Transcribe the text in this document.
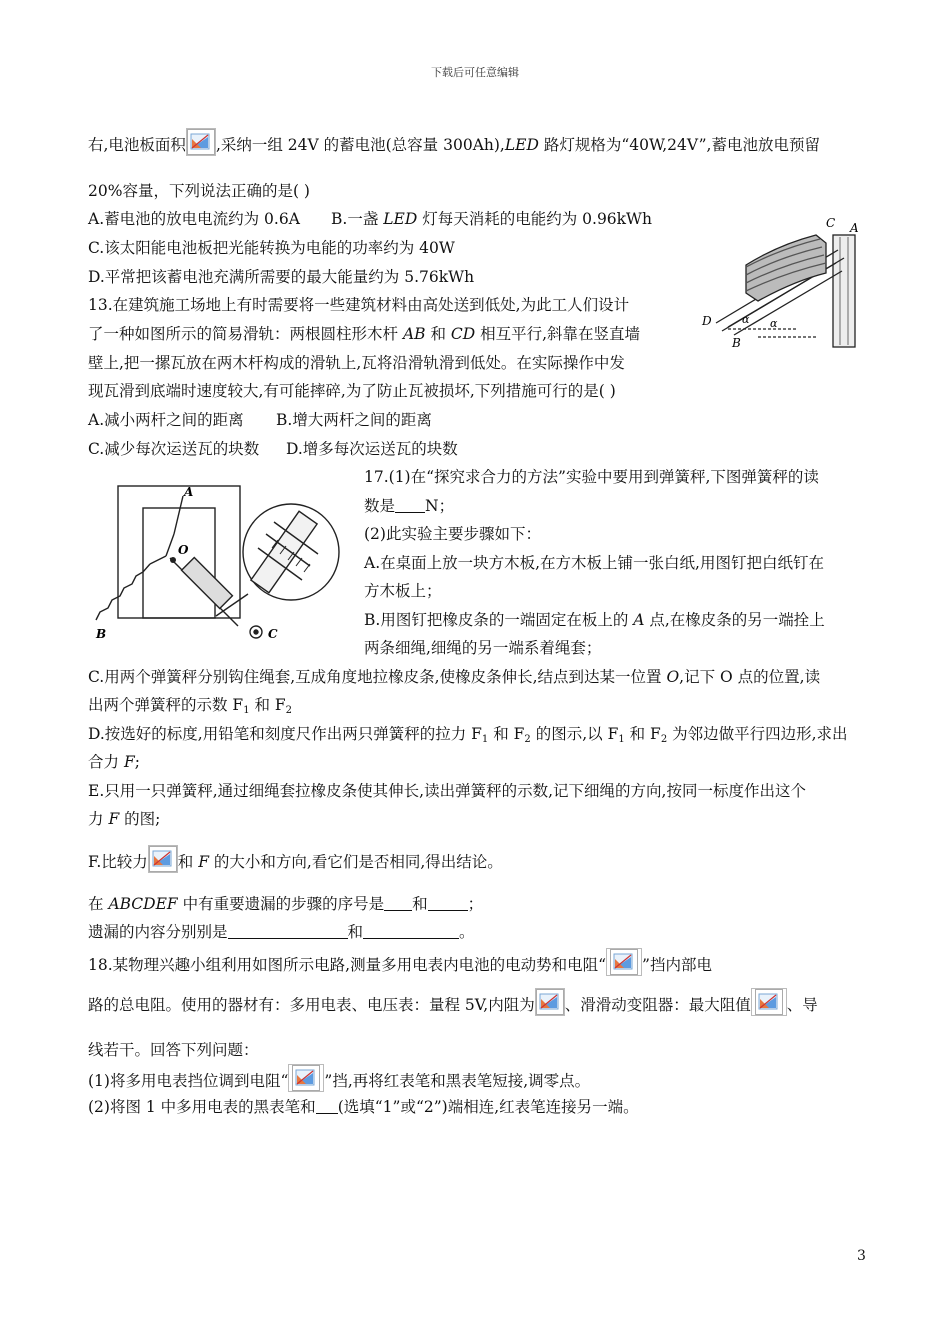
下载后可任意编辑
右,电池板面积 ,采纳一组 24V 的蓄电池(总容量 300Ah),LED 路灯规格为“40W,24V”,蓄电池放电预留
20%容量，下列说法正确的是( )
A.蓄电池的放电电流约为 0.6A B.一盏 LED 灯每天消耗的电能约为 0.96kWh
C.该太阳能电池板把光能转换为电能的功率约为 40W
D.平常把该蓄电池充满所需要的最大能量约为 5.76kWh
C A
D
B
α α
13.在建筑施工场地上有时需要将一些建筑材料由高处送到低处,为此工人们设计
了一种如图所示的简易滑轨：两根圆柱形木杆 AB 和 CD 相互平行,斜靠在竖直墙
壁上,把一摞瓦放在两木杆构成的滑轨上,瓦将沿滑轨滑到低处。在实际操作中发
现瓦滑到底端时速度较大,有可能摔碎,为了防止瓦被损坏,下列措施可行的是( )
A.减小两杆之间的距离 B.增大两杆之间的距离
C.减少每次运送瓦的块数 D.增多每次运送瓦的块数
A
O
B	C
17.(1)在“探究求合力的方法”实验中要用到弹簧秤,下图弹簧秤的读
数是 N；
(2)此实验主要步骤如下：
A.在桌面上放一块方木板,在方木板上铺一张白纸,用图钉把白纸钉在
方木板上；
B.用图钉把橡皮条的一端固定在板上的 A 点,在橡皮条的另一端拴上
两条细绳,细绳的另一端系着绳套；
C.用两个弹簧秤分别钩住绳套,互成角度地拉橡皮条,使橡皮条伸长,结点到达某一位置 O,记下 O 点的位置,读
出两个弹簧秤的示数 $F_1$ 和 $F_2$
D.按选好的标度,用铅笔和刻度尺作出两只弹簧秤的拉力 $F_1$ 和 $F_2$ 的图示,以 $F_1$ 和 $F_2$ 为邻边做平行四边形,求出
合力 F;
E.只用一只弹簧秤,通过细绳套拉橡皮条使其伸长,读出弹簧秤的示数,记下细绳的方向,按同一标度作出这个
力 F 的图;
F.比较力 和 F 的大小和方向,看它们是否相同,得出结论。
在 ABCDEF 中有重要遗漏的步骤的序号是 和	；
遗漏的内容分别别是	和	。
18.某物理兴趣小组利用如图所示电路,测量多用电表内电池的电动势和电阻“ ”挡内部电
路的总电阻。使用的器材有：多用电表、电压表：量程 5V,内阻为 、滑滑动变阻器：最大阻值 、导
线若干。回答下列问题：
(1)将多用电表挡位调到电阻“ ”挡,再将红表笔和黑表笔短接,调零点。
(2)将图 1 中多用电表的黑表笔和 (选填“1”或“2”)端相连,红表笔连接另一端。
3
